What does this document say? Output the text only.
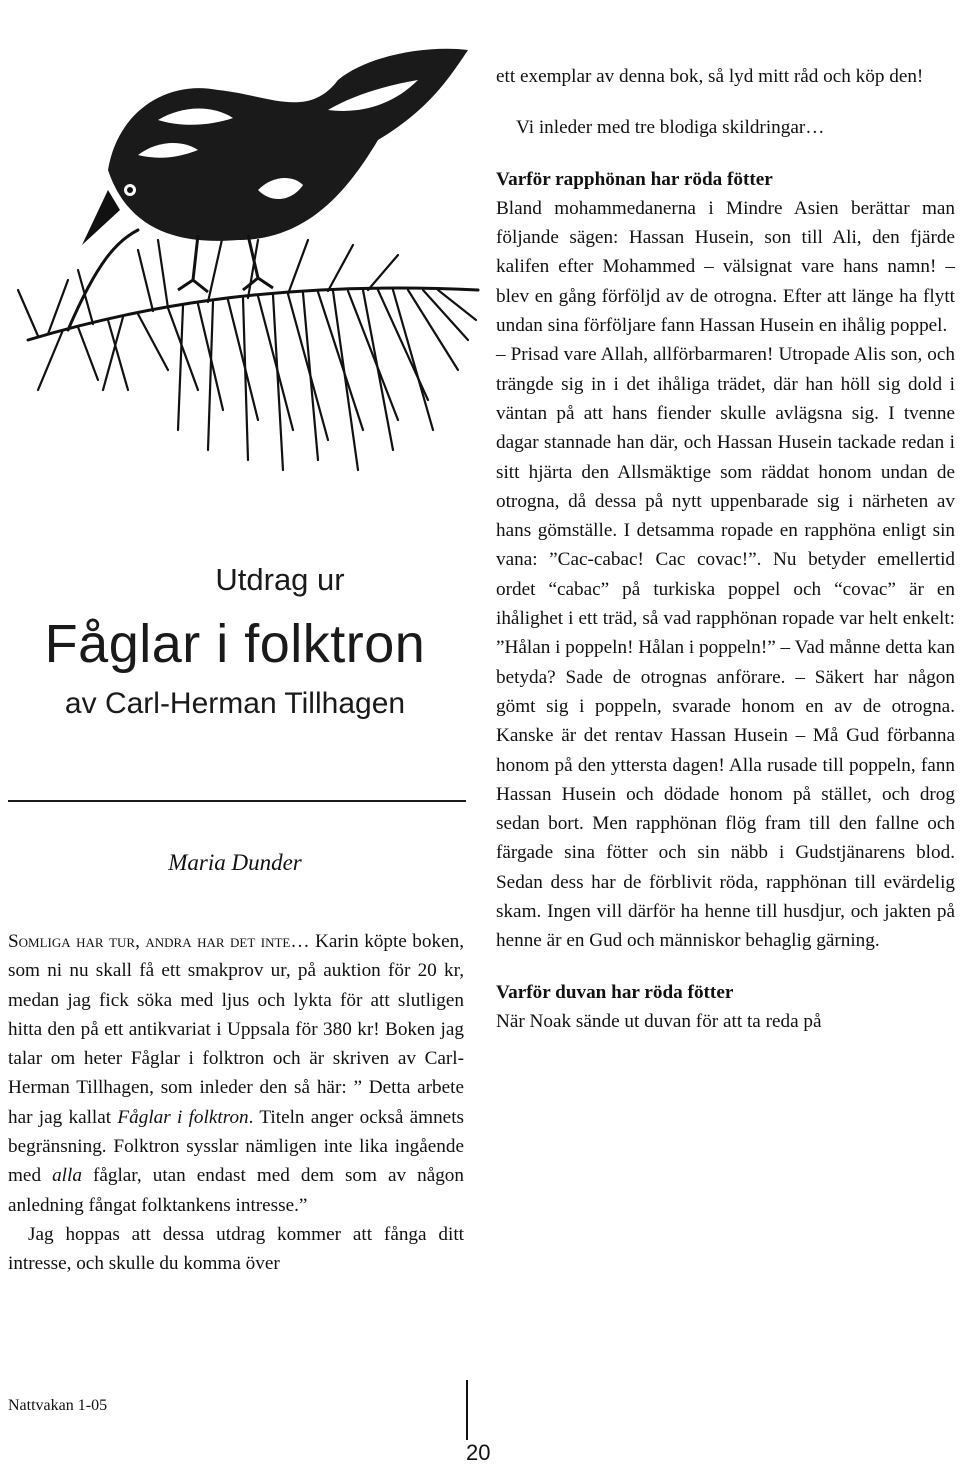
Utdrag ur
Fåglar i folktron
av Carl-Herman Tillhagen
Maria Dunder

Somliga har tur, andra har det inte… Karin köpte boken, som ni nu skall få ett smakprov ur, på auktion för 20 kr, medan jag fick söka med ljus och lykta för att slutligen hitta den på ett antikvariat i Uppsala för 380 kr! Boken jag talar om heter Fåglar i folktron och är skriven av Carl-Herman Tillhagen, som inleder den så här: ” Detta arbete har jag kallat Fåglar i folktron. Titeln anger också ämnets begränsning. Folktron sysslar nämligen inte lika ingående med alla fåglar, utan endast med dem som av någon anledning fångat folktankens intresse.”

Jag hoppas att dessa utdrag kommer att fånga ditt intresse, och skulle du komma över

ett exemplar av denna bok, så lyd mitt råd och köp den!

Vi inleder med tre blodiga skildringar…

Varför rapphönan har röda fötter

Bland mohammedanerna i Mindre Asien berättar man följande sägen: Hassan Husein, son till Ali, den fjärde kalifen efter Mohammed – välsignat vare hans namn! – blev en gång förföljd av de otrogna. Efter att länge ha flytt undan sina förföljare fann Hassan Husein en ihålig poppel.

– Prisad vare Allah, allförbarmaren! Utropade Alis son, och trängde sig in i det ihåliga trädet, där han höll sig dold i väntan på att hans fiender skulle avlägsna sig. I tvenne dagar stannade han där, och Hassan Husein tackade redan i sitt hjärta den Allsmäktige som räddat honom undan de otrogna, då dessa på nytt uppenbarade sig i närheten av hans gömställe. I detsamma ropade en rapphöna enligt sin vana: ”Cac-cabac! Cac covac!”. Nu betyder emellertid ordet “cabac” på turkiska poppel och “covac” är en ihålighet i ett träd, så vad rapphönan ropade var helt enkelt: ”Hålan i poppeln! Hålan i poppeln!” – Vad månne detta kan betyda? Sade de otrognas anförare. – Säkert har någon gömt sig i poppeln, svarade honom en av de otrogna. Kanske är det rentav Hassan Husein – Må Gud förbanna honom på den yttersta dagen! Alla rusade till poppeln, fann Hassan Husein och dödade honom på stället, och drog sedan bort. Men rapphönan flög fram till den fallne och färgade sina fötter och sin näbb i Gudstjänarens blod. Sedan dess har de förblivit röda, rapphönan till evärdelig skam. Ingen vill därför ha henne till husdjur, och jakten på henne är en Gud och människor behaglig gärning.

Varför duvan har röda fötter

När Noak sände ut duvan för att ta reda på

Nattvakan 1-05
20
